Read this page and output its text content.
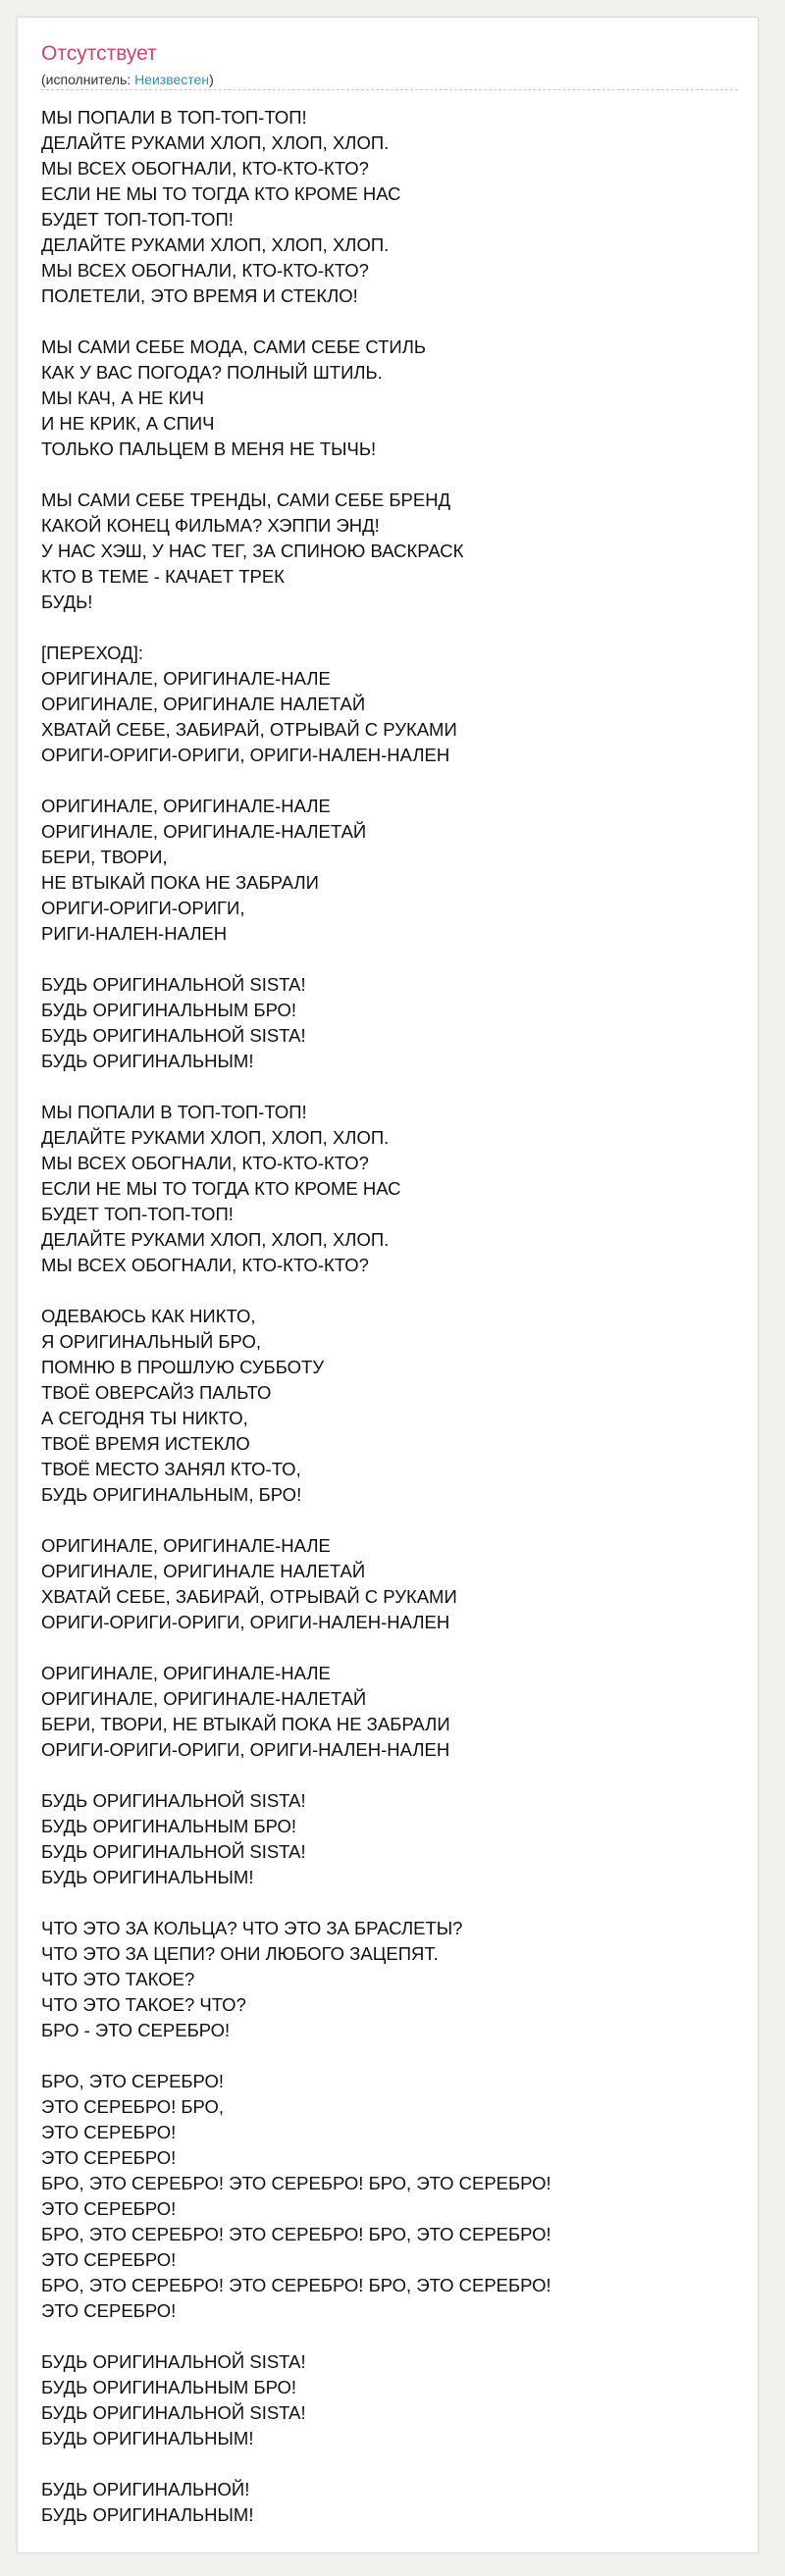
Отсутствует
(исполнитель: Неизвестен)
МЫ ПОПАЛИ В ТОП-ТОП-ТОП!
ДЕЛАЙТЕ РУКАМИ ХЛОП, ХЛОП, ХЛОП.
МЫ ВСЕХ ОБОГНАЛИ, КТО-КТО-КТО?
ЕСЛИ НЕ МЫ ТО ТОГДА КТО КРОМЕ НАС
БУДЕТ ТОП-ТОП-ТОП!
ДЕЛАЙТЕ РУКАМИ ХЛОП, ХЛОП, ХЛОП.
МЫ ВСЕХ ОБОГНАЛИ, КТО-КТО-КТО?
ПОЛЕТЕЛИ, ЭТО ВРЕМЯ И СТЕКЛО!
МЫ САМИ СЕБЕ МОДА, САМИ СЕБЕ СТИЛЬ
КАК У ВАС ПОГОДА? ПОЛНЫЙ ШТИЛЬ.
МЫ КАЧ, А НЕ КИЧ
И НЕ КРИК, А СПИЧ
ТОЛЬКО ПАЛЬЦЕМ В МЕНЯ НЕ ТЫЧЬ!
МЫ САМИ СЕБЕ ТРЕНДЫ, САМИ СЕБЕ БРЕНД
КАКОЙ КОНЕЦ ФИЛЬМА? ХЭППИ ЭНД!
У НАС ХЭШ, У НАС ТЕГ, ЗА СПИНОЮ ВАСКРАСК
КТО В ТЕМЕ - КАЧАЕТ ТРЕК
БУДЬ!
[ПЕРЕХОД]:
ОРИГИНАЛЕ, ОРИГИНАЛЕ-НАЛЕ
ОРИГИНАЛЕ, ОРИГИНАЛЕ НАЛЕТАЙ
ХВАТАЙ СЕБЕ, ЗАБИРАЙ, ОТРЫВАЙ С РУКАМИ
ОРИГИ-ОРИГИ-ОРИГИ, ОРИГИ-НАЛЕН-НАЛЕН
ОРИГИНАЛЕ, ОРИГИНАЛЕ-НАЛЕ
ОРИГИНАЛЕ, ОРИГИНАЛЕ-НАЛЕТАЙ
БЕРИ, ТВОРИ,
НЕ ВТЫКАЙ ПОКА НЕ ЗАБРАЛИ
ОРИГИ-ОРИГИ-ОРИГИ,
РИГИ-НАЛЕН-НАЛЕН
БУДЬ ОРИГИНАЛЬНОЙ SISTA!
БУДЬ ОРИГИНАЛЬНЫМ БРО!
БУДЬ ОРИГИНАЛЬНОЙ SISTA!
БУДЬ ОРИГИНАЛЬНЫМ!
МЫ ПОПАЛИ В ТОП-ТОП-ТОП!
ДЕЛАЙТЕ РУКАМИ ХЛОП, ХЛОП, ХЛОП.
МЫ ВСЕХ ОБОГНАЛИ, КТО-КТО-КТО?
ЕСЛИ НЕ МЫ ТО ТОГДА КТО КРОМЕ НАС
БУДЕТ ТОП-ТОП-ТОП!
ДЕЛАЙТЕ РУКАМИ ХЛОП, ХЛОП, ХЛОП.
МЫ ВСЕХ ОБОГНАЛИ, КТО-КТО-КТО?
ОДЕВАЮСЬ КАК НИКТО,
Я ОРИГИНАЛЬНЫЙ БРО,
ПОМНЮ В ПРОШЛУЮ СУББОТУ
ТВОЁ ОВЕРСАЙЗ ПАЛЬТО
А СЕГОДНЯ ТЫ НИКТО,
ТВОЁ ВРЕМЯ ИСТЕКЛО
ТВОЁ МЕСТО ЗАНЯЛ КТО-ТО,
БУДЬ ОРИГИНАЛЬНЫМ, БРО!
ОРИГИНАЛЕ, ОРИГИНАЛЕ-НАЛЕ
ОРИГИНАЛЕ, ОРИГИНАЛЕ НАЛЕТАЙ
ХВАТАЙ СЕБЕ, ЗАБИРАЙ, ОТРЫВАЙ С РУКАМИ
ОРИГИ-ОРИГИ-ОРИГИ, ОРИГИ-НАЛЕН-НАЛЕН
ОРИГИНАЛЕ, ОРИГИНАЛЕ-НАЛЕ
ОРИГИНАЛЕ, ОРИГИНАЛЕ-НАЛЕТАЙ
БЕРИ, ТВОРИ, НЕ ВТЫКАЙ ПОКА НЕ ЗАБРАЛИ
ОРИГИ-ОРИГИ-ОРИГИ, ОРИГИ-НАЛЕН-НАЛЕН
БУДЬ ОРИГИНАЛЬНОЙ SISTA!
БУДЬ ОРИГИНАЛЬНЫМ БРО!
БУДЬ ОРИГИНАЛЬНОЙ SISTA!
БУДЬ ОРИГИНАЛЬНЫМ!
ЧТО ЭТО ЗА КОЛЬЦА? ЧТО ЭТО ЗА БРАСЛЕТЫ?
ЧТО ЭТО ЗА ЦЕПИ? ОНИ ЛЮБОГО ЗАЦЕПЯТ.
ЧТО ЭТО ТАКОЕ?
ЧТО ЭТО ТАКОЕ? ЧТО?
БРО - ЭТО СЕРЕБРО!
БРО, ЭТО СЕРЕБРО!
ЭТО СЕРЕБРО! БРО,
ЭТО СЕРЕБРО!
ЭТО СЕРЕБРО!
БРО, ЭТО СЕРЕБРО! ЭТО СЕРЕБРО! БРО, ЭТО СЕРЕБРО!
ЭТО СЕРЕБРО!
БРО, ЭТО СЕРЕБРО! ЭТО СЕРЕБРО! БРО, ЭТО СЕРЕБРО!
ЭТО СЕРЕБРО!
БРО, ЭТО СЕРЕБРО! ЭТО СЕРЕБРО! БРО, ЭТО СЕРЕБРО!
ЭТО СЕРЕБРО!
БУДЬ ОРИГИНАЛЬНОЙ SISTA!
БУДЬ ОРИГИНАЛЬНЫМ БРО!
БУДЬ ОРИГИНАЛЬНОЙ SISTA!
БУДЬ ОРИГИНАЛЬНЫМ!
БУДЬ ОРИГИНАЛЬНОЙ!
БУДЬ ОРИГИНАЛЬНЫМ!
